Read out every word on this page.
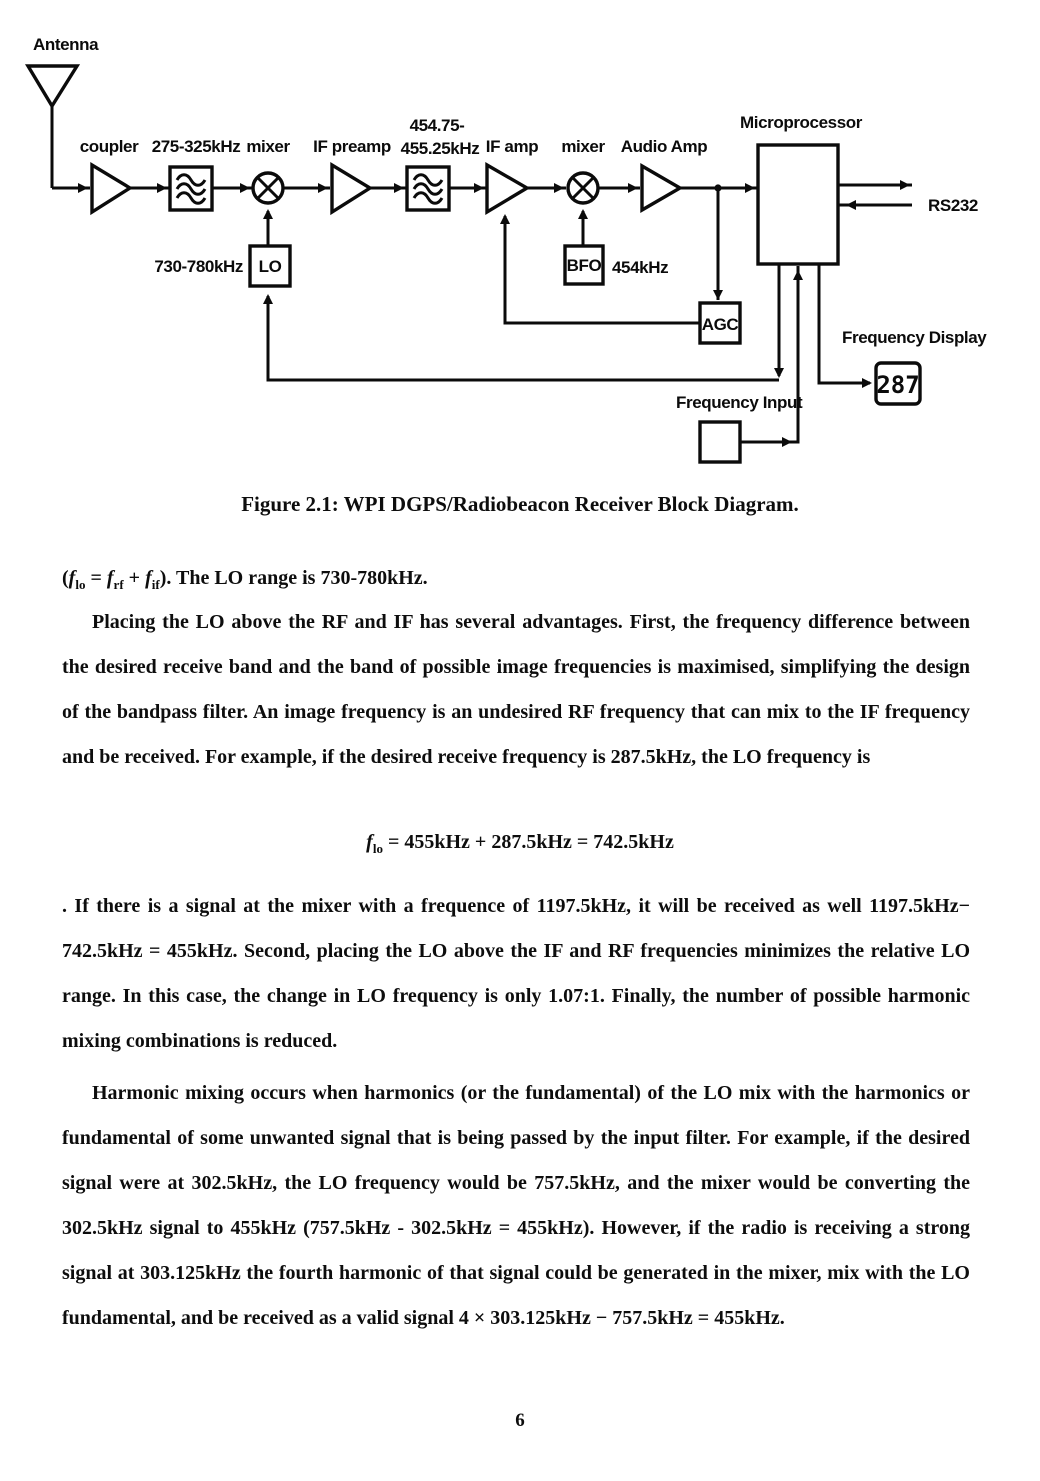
Antenna
coupler 275-325kHz mixer IF preamp
454.75-
455.25kHz IF amp mixer Audio Amp
Microprocessor
RS232
LO
730-780kHz	BFO 454kHz
AGC
Frequency Display
287
Frequency Input
Figure 2.1: WPI DGPS/Radiobeacon Receiver Block Diagram.
$(f_{lo} = f_{rf} + f_{if})$. The LO range is 730-780kHz.
Placing the LO above the RF and IF has several advantages. First, the frequency difference between the desired receive band and the band of possible image frequencies is maximised, simplifying the design of the bandpass filter. An image frequency is an undesired RF frequency that can mix to the IF frequency and be received. For example, if the desired receive frequency is 287.5kHz, the LO frequency is
$f_{lo} = 455kHz + 287.5kHz = 742.5kHz$
. If there is a signal at the mixer with a frequence of 1197.5kHz, it will be received as well 1197.5kHz−​742.5kHz = 455kHz. Second, placing the LO above the IF and RF frequencies minimizes the relative LO range. In this case, the change in LO frequency is only 1.07:1. Finally, the number of possible harmonic mixing combinations is reduced.
Harmonic mixing occurs when harmonics (or the fundamental) of the LO mix with the harmonics or fundamental of some unwanted signal that is being passed by the input filter. For example, if the desired signal were at 302.5kHz, the LO frequency would be 757.5kHz, and the mixer would be converting the 302.5kHz signal to 455kHz (757.5kHz - 302.5kHz = 455kHz). However, if the radio is receiving a strong signal at 303.125kHz the fourth harmonic of that signal could be generated in the mixer, mix with the LO fundamental, and be received as a valid signal 4 × 303.125kHz − 757.5kHz = 455kHz.
6
